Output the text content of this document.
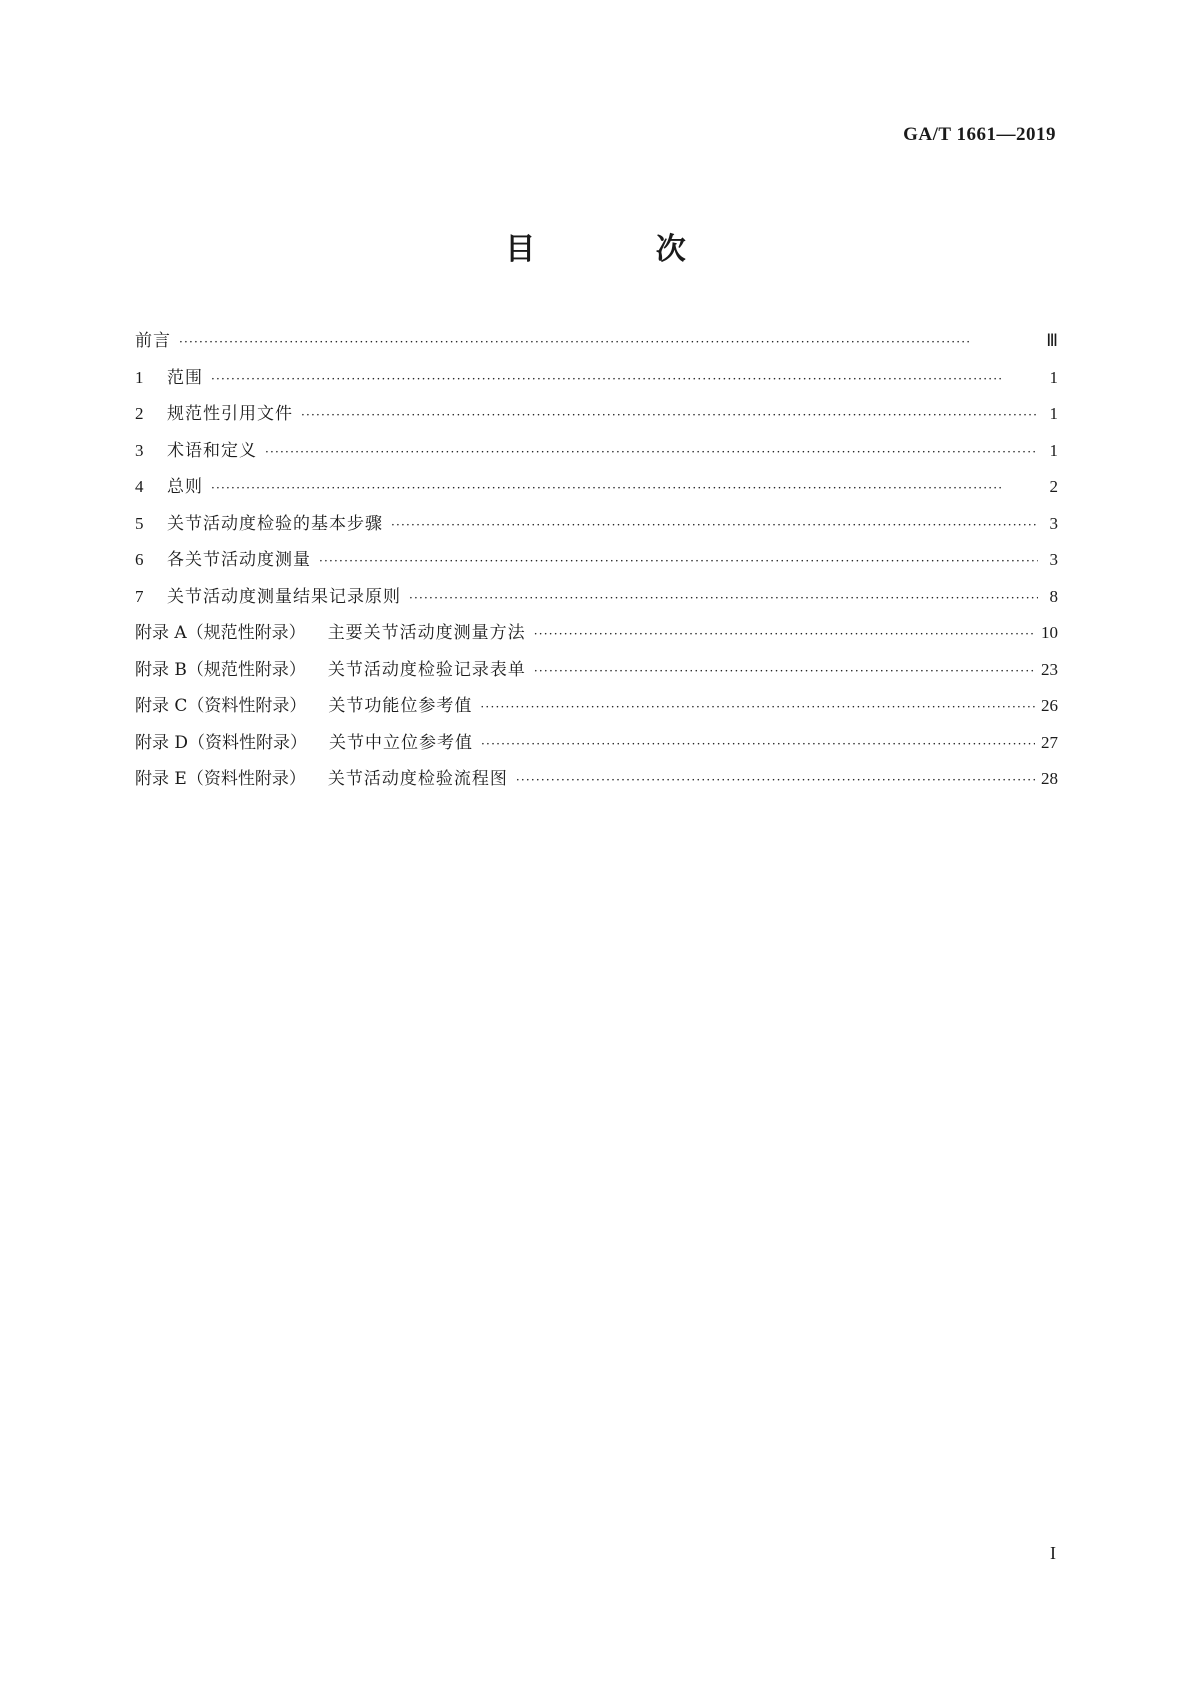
GA/T 1661—2019
目 次
前言 ·····	Ⅲ
1	范围 ·····	1
2	规范性引用文件 ·····	1
3	术语和定义 ·····	1
4	总则 ·····	2
5	关节活动度检验的基本步骤 ·····	3
6	各关节活动度测量 ·····	3
7	关节活动度测量结果记录原则 ·····	8
附录 A（规范性附录） 主要关节活动度测量方法 ·····	10
附录 B（规范性附录） 关节活动度检验记录表单 ·····	23
附录 C（资料性附录） 关节功能位参考值 ·····	26
附录 D（资料性附录） 关节中立位参考值 ·····	27
附录 E（资料性附录） 关节活动度检验流程图 ·····	28
I
